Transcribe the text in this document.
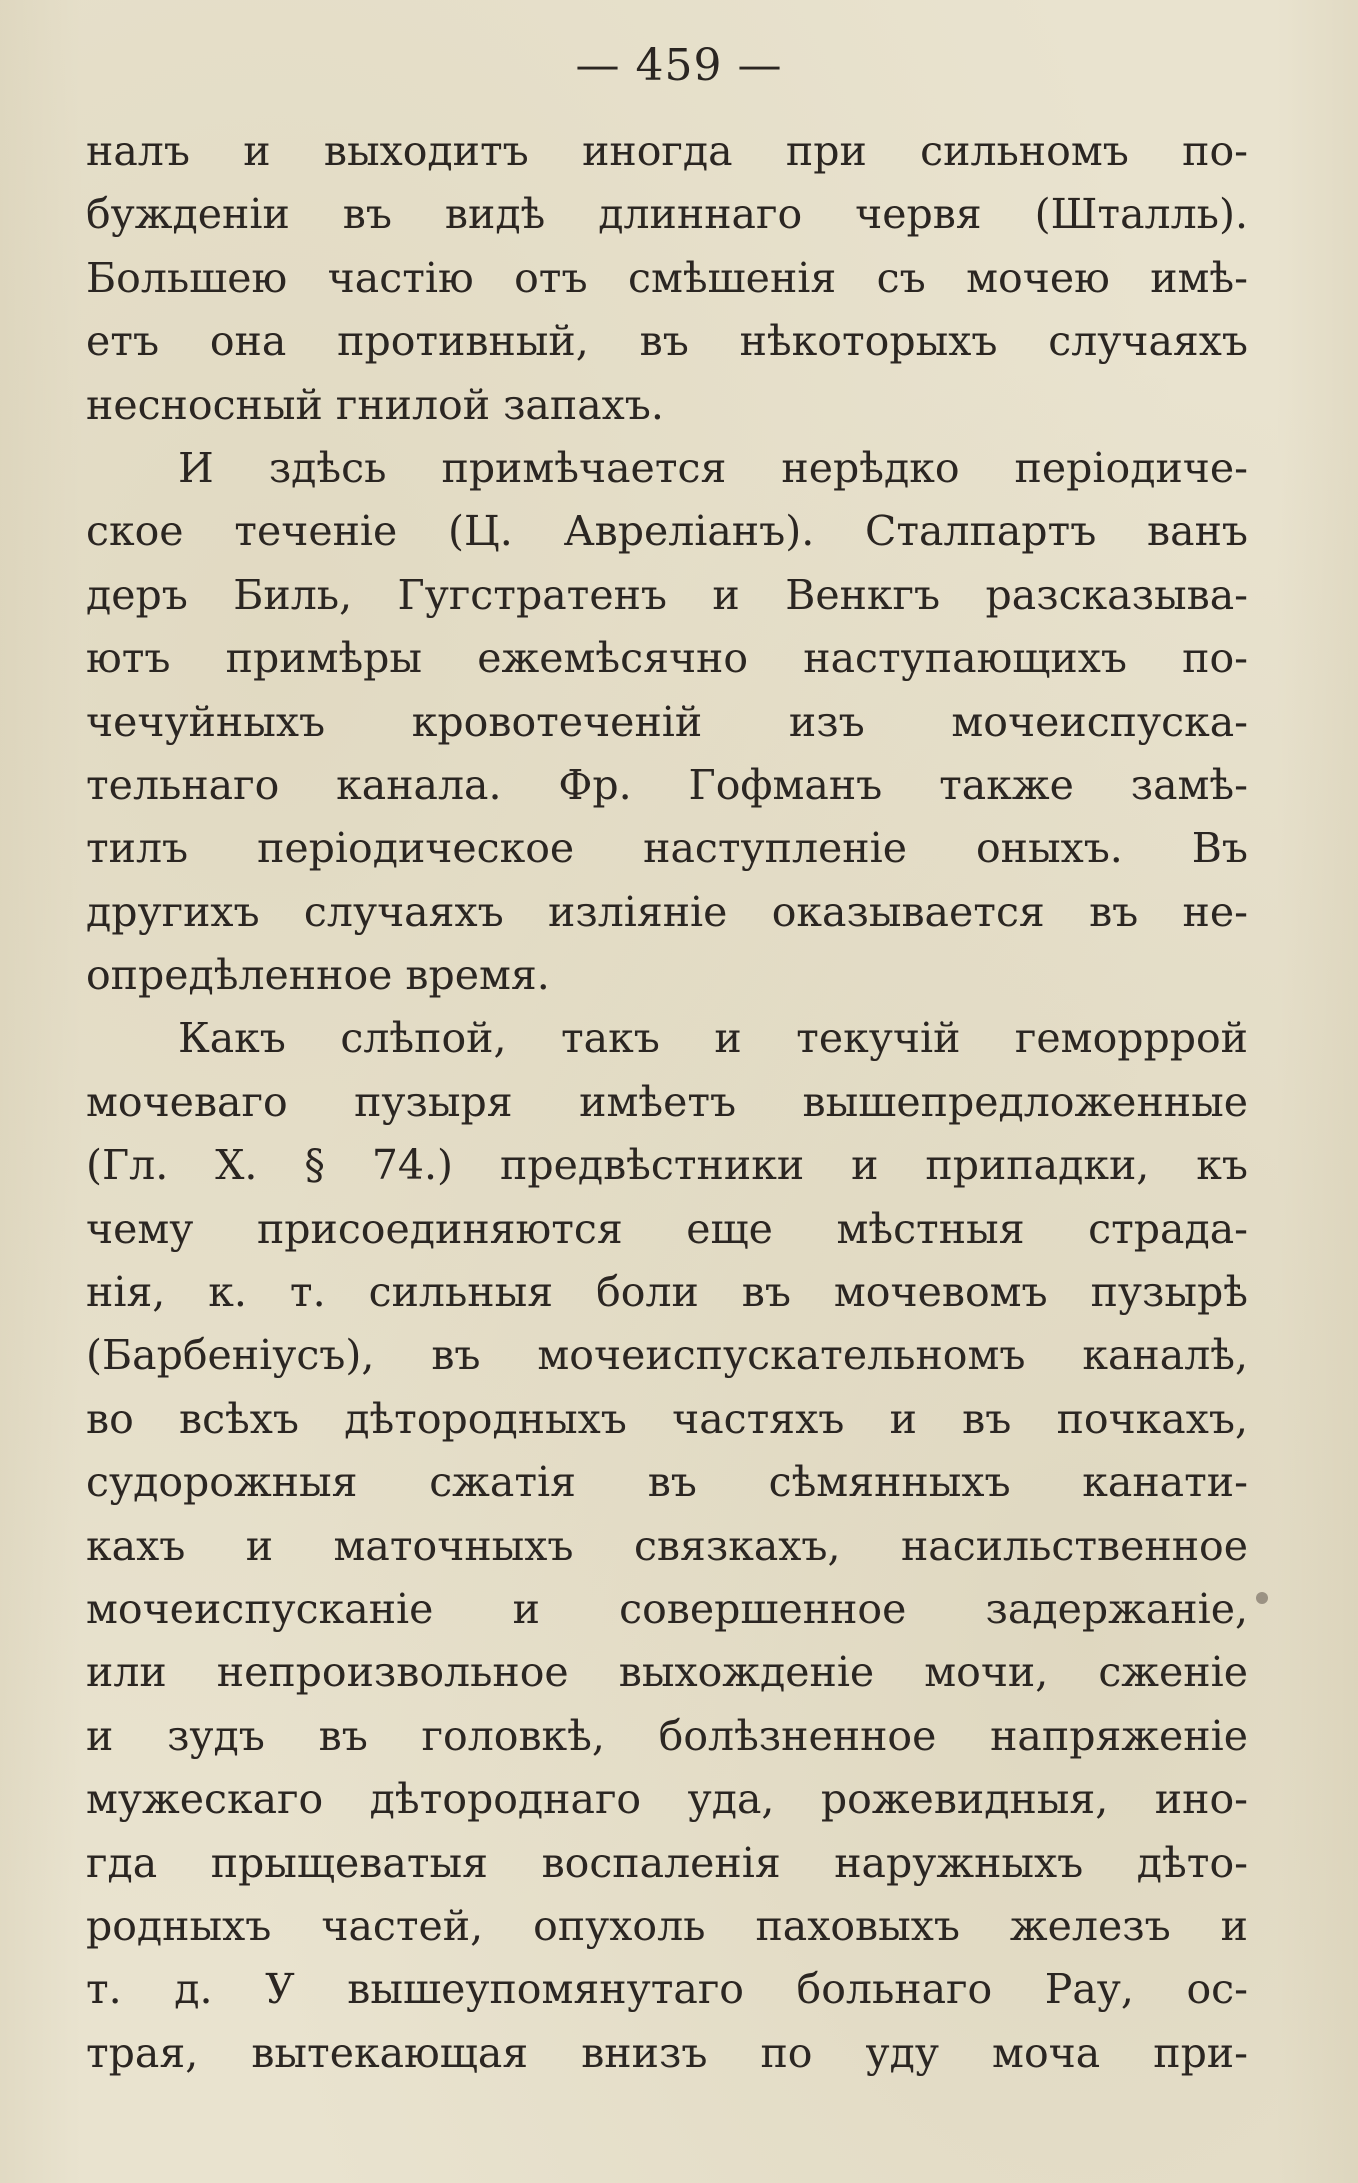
— 459 —
налъ и выходитъ иногда при сильномъ по-
бужденіи въ видѣ длиннаго червя (Шталль).
Большею частію отъ смѣшенія съ мочею имѣ-
етъ она противный, въ нѣкоторыхъ случаяхъ
несносный гнилой запахъ.
И здѣсь примѣчается нерѣдко періодиче-
ское теченіе (Ц. Аврелiанъ). Сталпартъ ванъ
деръ Биль, Гугстратенъ и Венкгъ разсказыва-
ютъ примѣры ежемѣсячно наступающихъ по-
чечуйныхъ кровотеченій изъ мочеиспуска-
тельнаго канала. Фр. Гофманъ также замѣ-
тилъ періодическое наступленіе оныхъ. Въ
другихъ случаяхъ изліяніе оказывается въ не-
опредѣленное время.
Какъ слѣпой, такъ и текучій геморррой
мочеваго пузыря имѣетъ вышепредложенные
(Гл. X. § 74.) предвѣстники и припадки, къ
чему присоединяются еще мѣстныя страда-
нія, к. т. сильныя боли въ мочевомъ пузырѣ
(Барбенiусъ), въ мочеиспускательномъ каналѣ,
во всѣхъ дѣтородныхъ частяхъ и въ почкахъ,
судорожныя сжатія въ сѣмянныхъ канати-
кахъ и маточныхъ связкахъ, насильственное
мочеиспусканіе и совершенное задержаніе,
или непроизвольное выхожденіе мочи, сженіе
и зудъ въ головкѣ, болѣзненное напряженіе
мужескаго дѣтороднаго уда, рожевидныя, ино-
гда прыщеватыя воспаленія наружныхъ дѣто-
родныхъ частей, опухоль паховыхъ железъ и
т. д. У вышеупомянутаго больнаго Рау, ос-
трая, вытекающая внизъ по уду моча при-
